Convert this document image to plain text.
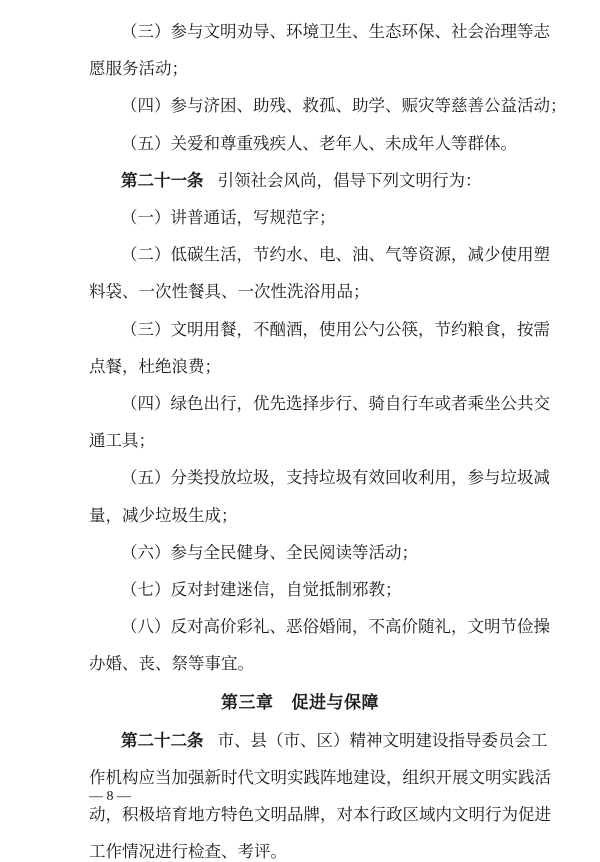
（三）参与文明劝导、环境卫生、生态环保、社会治理等志
愿服务活动；
（四）参与济困、助残、救孤、助学、赈灾等慈善公益活动；
（五）关爱和尊重残疾人、老年人、未成年人等群体。
第二十一条 引领社会风尚，倡导下列文明行为：
（一）讲普通话，写规范字；
（二）低碳生活，节约水、电、油、气等资源，减少使用塑
料袋、一次性餐具、一次性洗浴用品；
（三）文明用餐，不酗酒，使用公勺公筷，节约粮食，按需
点餐，杜绝浪费；
（四）绿色出行，优先选择步行、骑自行车或者乘坐公共交
通工具；
（五）分类投放垃圾，支持垃圾有效回收利用，参与垃圾减
量，减少垃圾生成；
（六）参与全民健身、全民阅读等活动；
（七）反对封建迷信，自觉抵制邪教；
（八）反对高价彩礼、恶俗婚闹，不高价随礼，文明节俭操
办婚、丧、祭等事宜。
第三章 促进与保障
第二十二条 市、县（市、区）精神文明建设指导委员会工
作机构应当加强新时代文明实践阵地建设，组织开展文明实践活
动，积极培育地方特色文明品牌，对本行政区域内文明行为促进
工作情况进行检查、考评。
— 8 —
